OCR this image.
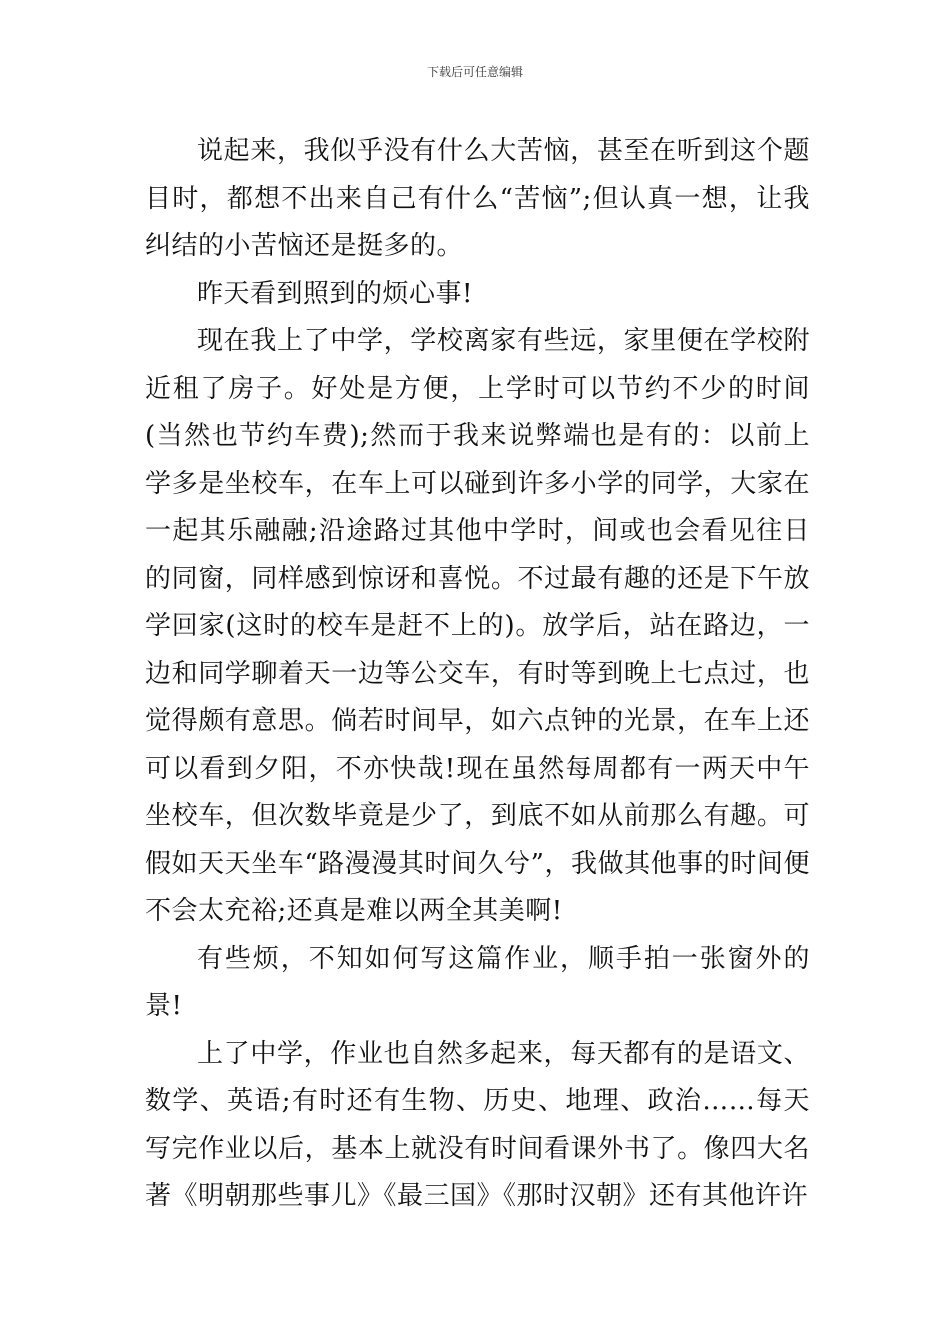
下载后可任意编辑

说起来，我似乎没有什么大苦恼，甚至在听到这个题目时，都想不出来自己有什么“苦恼”;但认真一想，让我纠结的小苦恼还是挺多的。

昨天看到照到的烦心事!

现在我上了中学，学校离家有些远，家里便在学校附近租了房子。好处是方便，上学时可以节约不少的时间(当然也节约车费);然而于我来说弊端也是有的：以前上学多是坐校车，在车上可以碰到许多小学的同学，大家在一起其乐融融;沿途路过其他中学时，间或也会看见往日的同窗，同样感到惊讶和喜悦。不过最有趣的还是下午放学回家(这时的校车是赶不上的)。放学后，站在路边，一边和同学聊着天一边等公交车，有时等到晚上七点过，也觉得颇有意思。倘若时间早，如六点钟的光景，在车上还可以看到夕阳，不亦快哉!现在虽然每周都有一两天中午坐校车，但次数毕竟是少了，到底不如从前那么有趣。可假如天天坐车“路漫漫其时间久兮”，我做其他事的时间便不会太充裕;还真是难以两全其美啊!

有些烦，不知如何写这篇作业，顺手拍一张窗外的景!

上了中学，作业也自然多起来，每天都有的是语文、数学、英语;有时还有生物、历史、地理、政治……每天写完作业以后，基本上就没有时间看课外书了。像四大名著《明朝那些事儿》《最三国》《那时汉朝》还有其他许许
